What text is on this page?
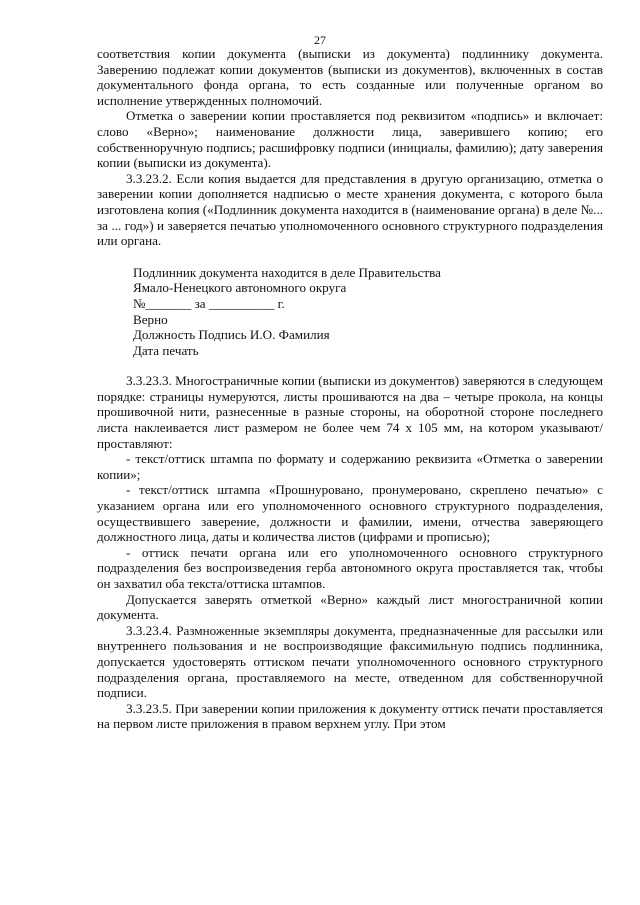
27

соответствия копии документа (выписки из документа) подлиннику документа. Заверению подлежат копии документов (выписки из документов), включенных в состав документального фонда органа, то есть созданные или полученные органом во исполнение утвержденных полномочий.

Отметка о заверении копии проставляется под реквизитом «подпись» и включает: слово «Верно»; наименование должности лица, заверившего копию; его собственноручную подпись; расшифровку подписи (инициалы, фамилию); дату заверения копии (выписки из документа).

3.3.23.2. Если копия выдается для представления в другую организацию, отметка о заверении копии дополняется надписью о месте хранения документа, с которого была изготовлена копия («Подлинник документа находится в (наименование органа) в деле №... за ... год») и заверяется печатью уполномоченного основного структурного подразделения или органа.

Подлинник документа находится в деле Правительства
Ямало-Ненецкого автономного округа
№_______ за __________ г.
Верно
Должность Подпись И.О. Фамилия
Дата печать

3.3.23.3. Многостраничные копии (выписки из документов) заверяются в следующем порядке: страницы нумеруются, листы прошиваются на два – четыре прокола, на концы прошивочной нити, разнесенные в разные стороны, на оборотной стороне последнего листа наклеивается лист размером не более чем 74 х 105 мм, на котором указывают/проставляют:

- текст/оттиск штампа по формату и содержанию реквизита «Отметка о заверении копии»;

- текст/оттиск штампа «Прошнуровано, пронумеровано, скреплено печатью» с указанием органа или его уполномоченного основного структурного подразделения, осуществившего заверение, должности и фамилии, имени, отчества заверяющего должностного лица, даты и количества листов (цифрами и прописью);

- оттиск печати органа или его уполномоченного основного структурного подразделения без воспроизведения герба автономного округа проставляется так, чтобы он захватил оба текста/оттиска штампов.

Допускается заверять отметкой «Верно» каждый лист многостраничной копии документа.

3.3.23.4. Размноженные экземпляры документа, предназначенные для рассылки или внутреннего пользования и не воспроизводящие факсимильную подпись подлинника, допускается удостоверять оттиском печати уполномоченного основного структурного подразделения органа, проставляемого на месте, отведенном для собственноручной подписи.

3.3.23.5. При заверении копии приложения к документу оттиск печати проставляется на первом листе приложения в правом верхнем углу. При этом
